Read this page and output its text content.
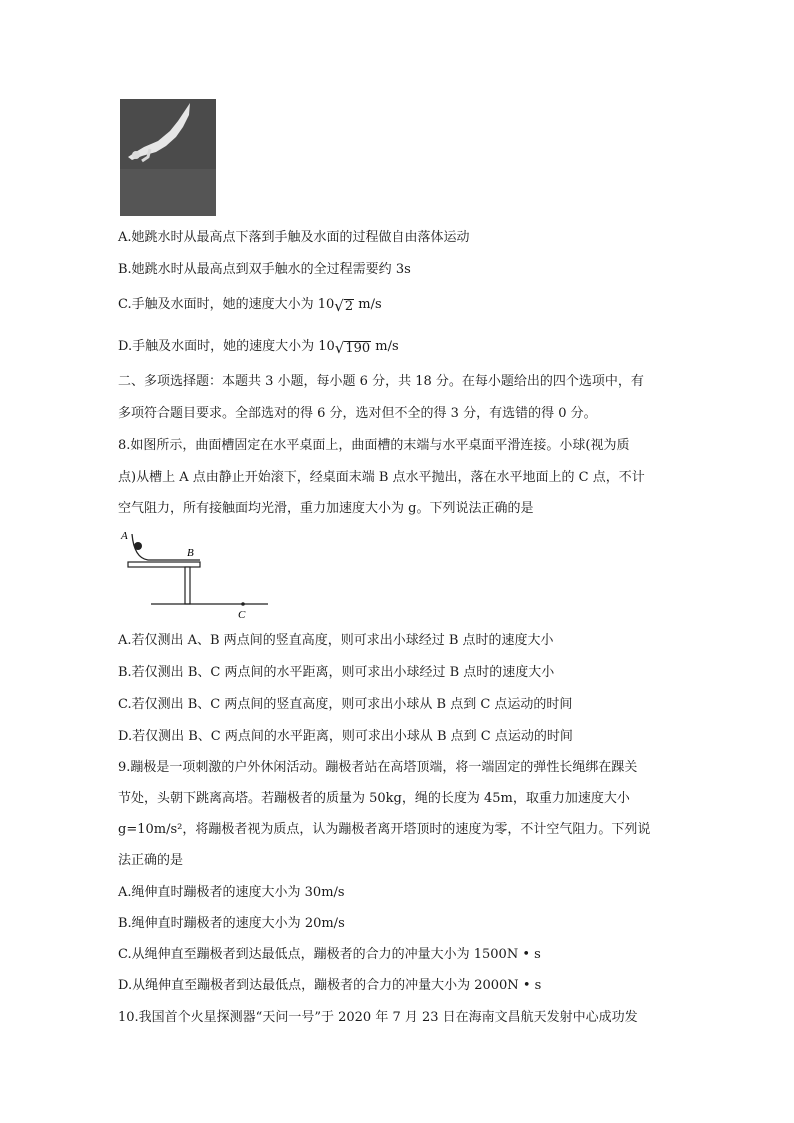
A.她跳水时从最高点下落到手触及水面的过程做自由落体运动
B.她跳水时从最高点到双手触水的全过程需要约 3s
C.手触及水面时，她的速度大小为 10 √ 2 m/s
D.手触及水面时，她的速度大小为 10 √ 190 m/s
二、多项选择题：本题共 3 小题，每小题 6 分，共 18 分。在每小题给出的四个选项中，有
多项符合题目要求。全部选对的得 6 分，选对但不全的得 3 分，有选错的得 0 分。
8.如图所示，曲面槽固定在水平桌面上，曲面槽的末端与水平桌面平滑连接。小球(视为质
点)从槽上 A 点由静止开始滚下，经桌面末端 B 点水平抛出，落在水平地面上的 C 点，不计
空气阻力，所有接触面均光滑，重力加速度大小为 g。下列说法正确的是
A
B
C
A.若仅测出 A、B 两点间的竖直高度，则可求出小球经过 B 点时的速度大小
B.若仅测出 B、C 两点间的水平距离，则可求出小球经过 B 点时的速度大小
C.若仅测出 B、C 两点间的竖直高度，则可求出小球从 B 点到 C 点运动的时间
D.若仅测出 B、C 两点间的水平距离，则可求出小球从 B 点到 C 点运动的时间
9.蹦极是一项刺激的户外休闲活动。蹦极者站在高塔顶端，将一端固定的弹性长绳绑在踝关
节处，头朝下跳离高塔。若蹦极者的质量为 50kg，绳的长度为 45m，取重力加速度大小
g=10m/s²，将蹦极者视为质点，认为蹦极者离开塔顶时的速度为零，不计空气阻力。下列说
法正确的是
A.绳伸直时蹦极者的速度大小为 30m/s
B.绳伸直时蹦极者的速度大小为 20m/s
C.从绳伸直至蹦极者到达最低点，蹦极者的合力的冲量大小为 1500N • s
D.从绳伸直至蹦极者到达最低点，蹦极者的合力的冲量大小为 2000N • s
10.我国首个火星探测器“天问一号”于 2020 年 7 月 23 日在海南文昌航天发射中心成功发
